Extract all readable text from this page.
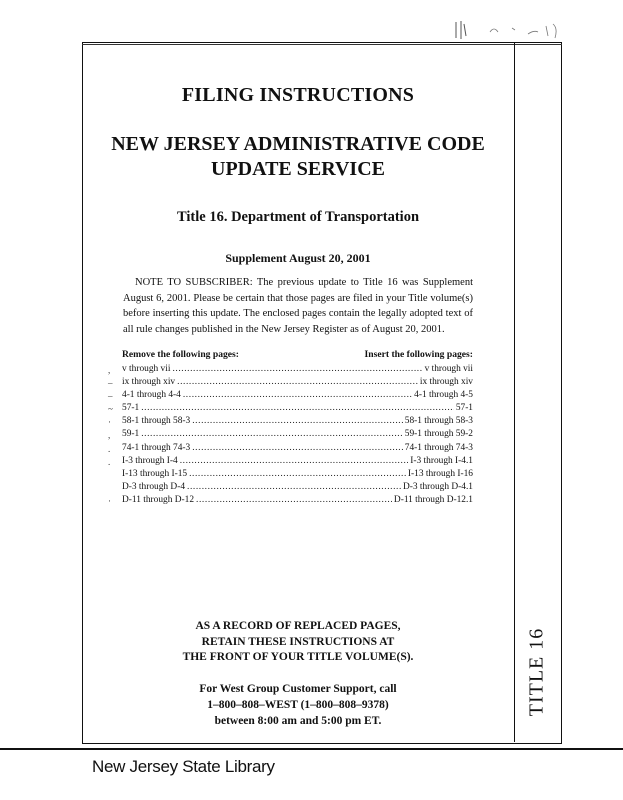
TITLE 16
FILING INSTRUCTIONS
NEW JERSEY ADMINISTRATIVE CODE
UPDATE SERVICE
Title 16. Department of Transportation
Supplement August 20, 2001
NOTE TO SUBSCRIBER: The previous update to Title 16 was Supplement August 6, 2001. Please be certain that those pages are filed in your Title volume(s) before inserting this update. The enclosed pages contain the legally adopted text of all rule changes published in the New Jersey Register as of August 20, 2001.
Remove the following pages:	Insert the following pages:
,
–
–
~
·
,
.
.
·
v through vii .....	v through vii
ix through xiv .....	ix through xiv
4-1 through 4-4 .....	4-1 through 4-5
57-1 .....	57-1
58-1 through 58-3 .....	58-1 through 58-3
59-1 .....	59-1 through 59-2
74-1 through 74-3 .....	74-1 through 74-3
I-3 through I-4 .....	I-3 through I-4.1
I-13 through I-15 .....	I-13 through I-16
D-3 through D-4 .....	D-3 through D-4.1
D-11 through D-12 .....	D-11 through D-12.1
AS A RECORD OF REPLACED PAGES,
RETAIN THESE INSTRUCTIONS AT
THE FRONT OF YOUR TITLE VOLUME(S).
For West Group Customer Support, call
1–800–808–WEST (1–800–808–9378)
between 8:00 am and 5:00 pm ET.
New Jersey State Library
